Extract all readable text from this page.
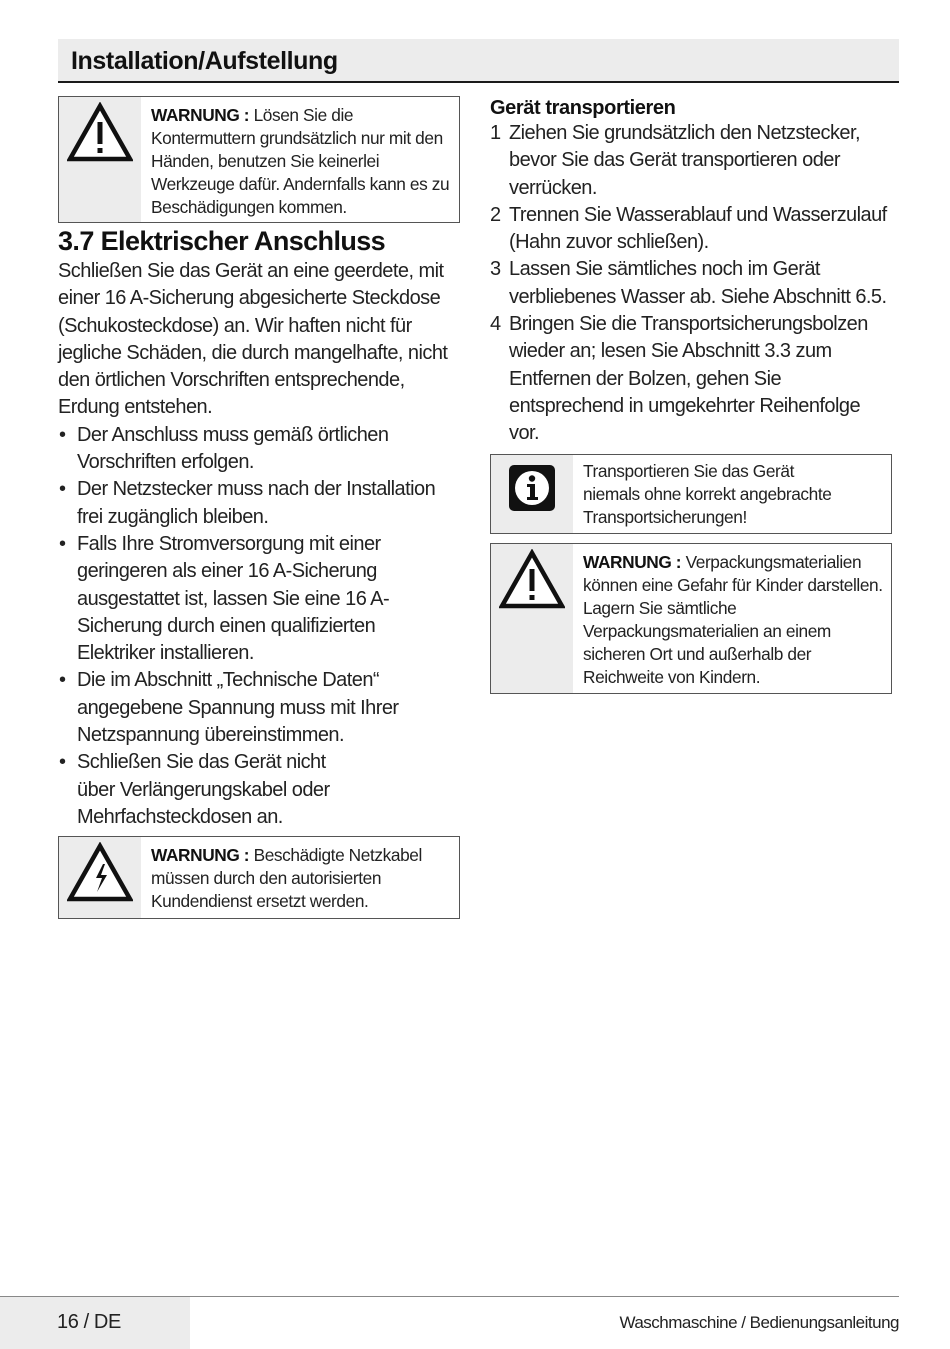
Installation/Aufstellung
WARNUNG : Lösen Sie die Kontermuttern grundsätzlich nur mit den Händen, benutzen Sie keinerlei Werkzeuge dafür. Andernfalls kann es zu Beschädigungen kommen.
3.7 Elektrischer Anschluss

Schließen Sie das Gerät an eine geerdete, mit einer 16 A-Sicherung abgesicherte Steckdose (Schukosteckdose) an. Wir haften nicht für jegliche Schäden, die durch mangelhafte, nicht den örtlichen Vorschriften entsprechende, Erdung entstehen.

• Der Anschluss muss gemäß örtlichen Vorschriften erfolgen.
• Der Netzstecker muss nach der Installation frei zugänglich bleiben.
• Falls Ihre Stromversorgung mit einer geringeren als einer 16 A-Sicherung ausgestattet ist, lassen Sie eine 16 A-Sicherung durch einen qualifizierten Elektriker installieren.
• Die im Abschnitt „Technische Daten“ angegebene Spannung muss mit Ihrer Netzspannung übereinstimmen.
• Schließen Sie das Gerät nicht über Verlängerungskabel oder Mehrfachsteckdosen an.
WARNUNG : Beschädigte Netzkabel müssen durch den autorisierten Kundendienst ersetzt werden.
Gerät transportieren
1 Ziehen Sie grundsätzlich den Netzstecker, bevor Sie das Gerät transportieren oder verrücken.
2 Trennen Sie Wasserablauf und Wasserzulauf (Hahn zuvor schließen).
3 Lassen Sie sämtliches noch im Gerät verbliebenes Wasser ab. Siehe Abschnitt 6.5.
4 Bringen Sie die Transportsicherungsbolzen wieder an; lesen Sie Abschnitt 3.3 zum Entfernen der Bolzen, gehen Sie entsprechend in umgekehrter Reihenfolge vor.
Transportieren Sie das Gerät niemals ohne korrekt angebrachte Transportsicherungen!
WARNUNG : Verpackungsmaterialien können eine Gefahr für Kinder darstellen. Lagern Sie sämtliche Verpackungsmaterialien an einem sicheren Ort und außerhalb der Reichweite von Kindern.
16 / DE	Waschmaschine / Bedienungsanleitung
